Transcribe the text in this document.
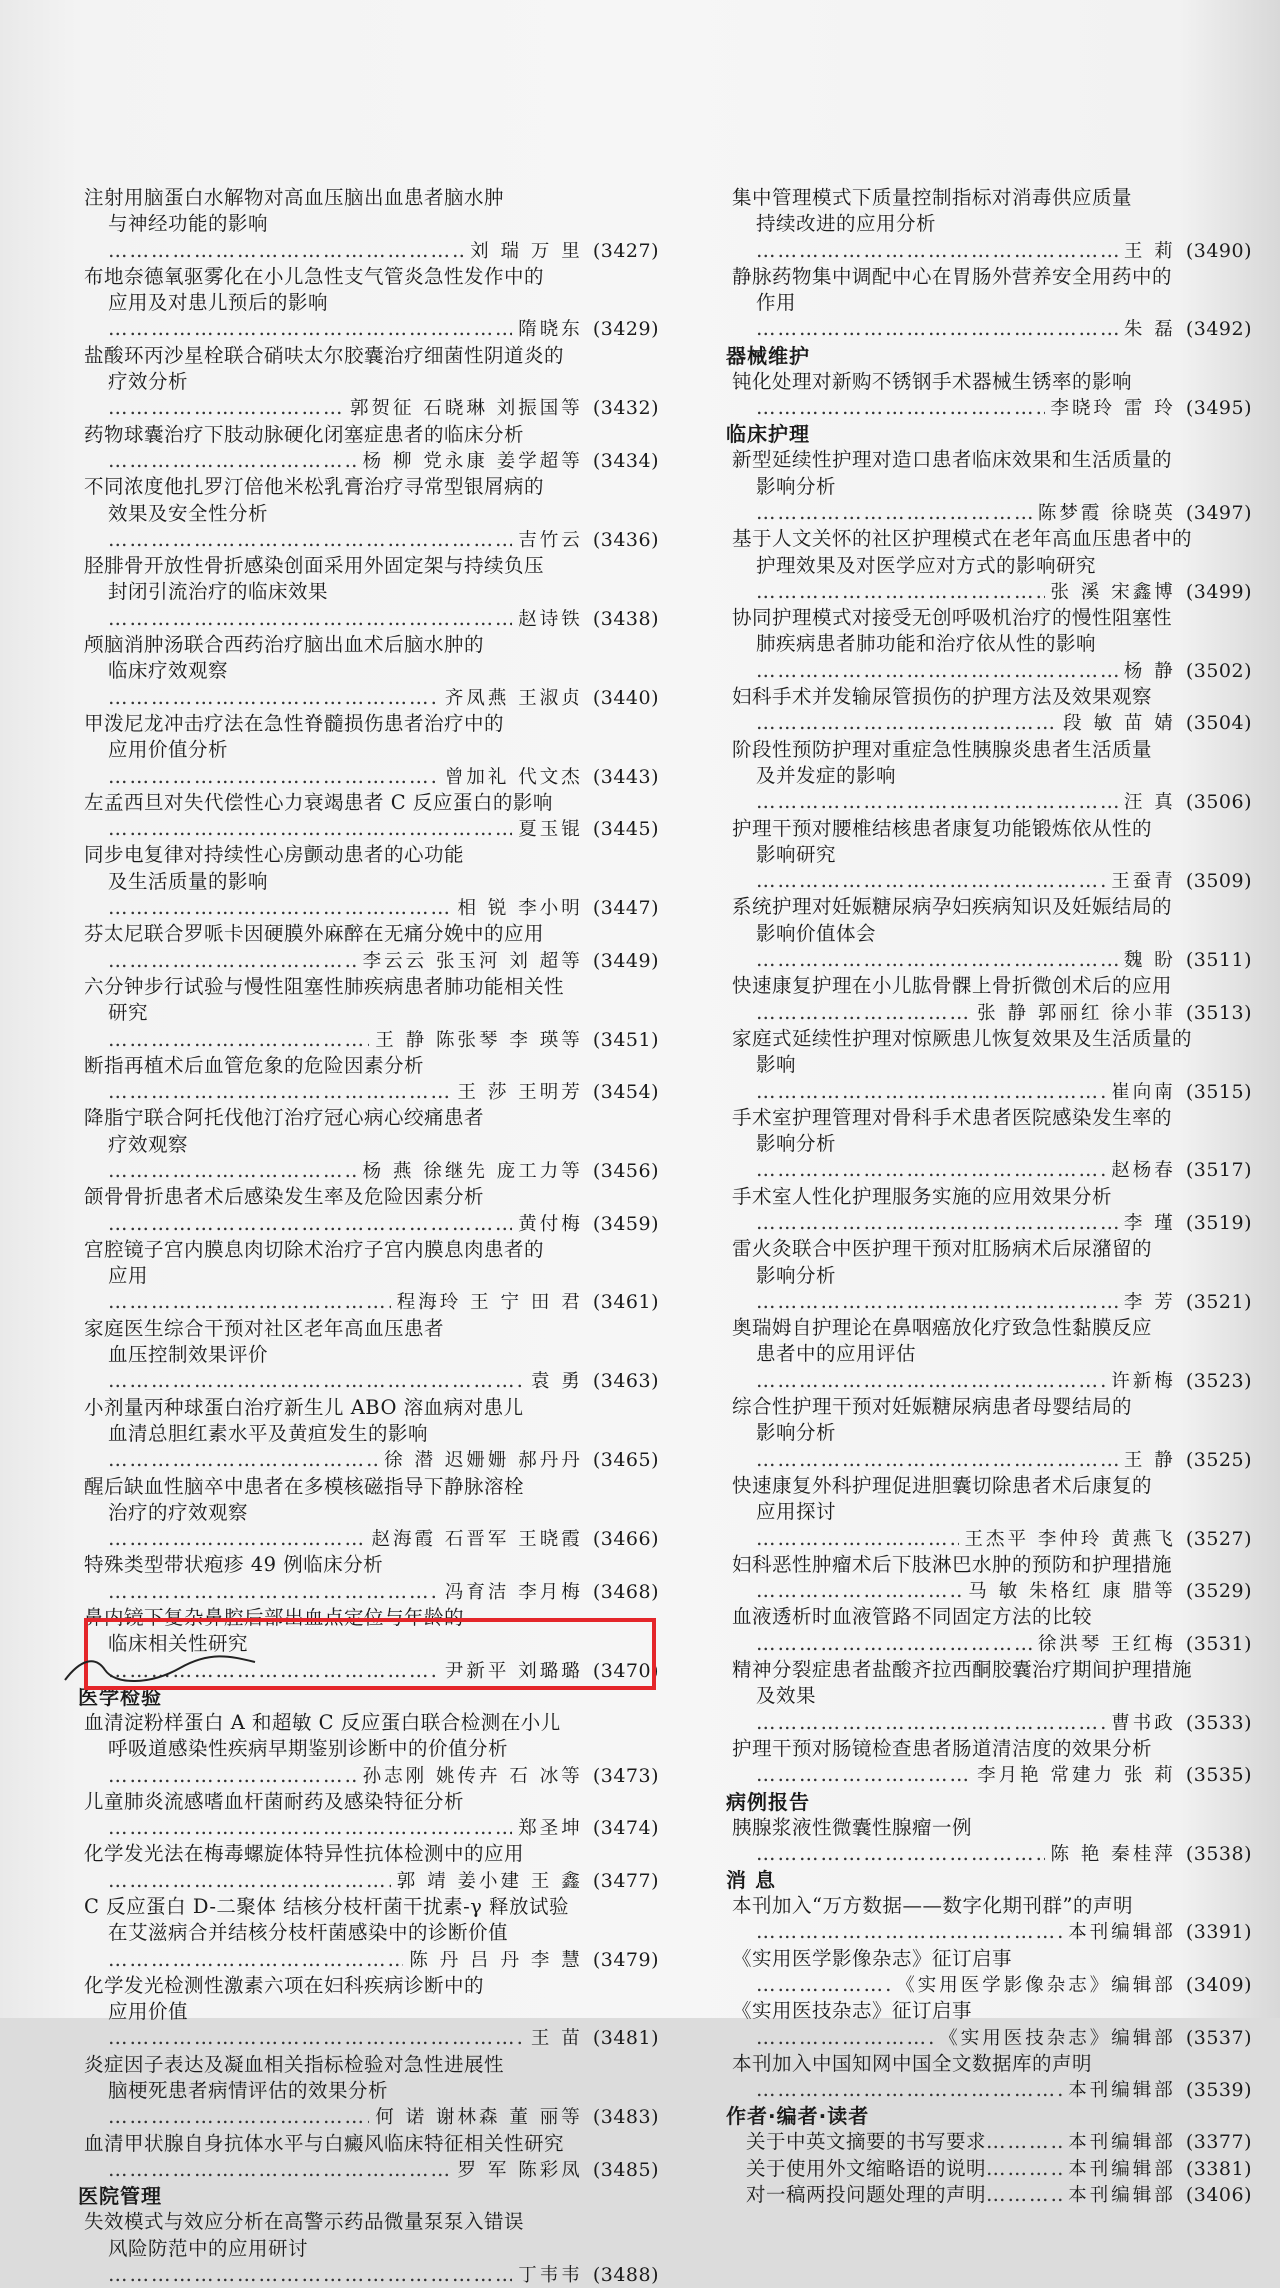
注射用脑蛋白水解物对高血压脑出血患者脑水肿
与神经功能的影响
……………………………………………………………………………………………………
刘 瑞 万 里 (3427)
布地奈德氧驱雾化在小儿急性支气管炎急性发作中的
应用及对患儿预后的影响
……………………………………………………………………………………………………
隋晓东 (3429)
盐酸环丙沙星栓联合硝呋太尔胶囊治疗细菌性阴道炎的
疗效分析
……………………………………………………………………………………………………
郭贺征 石晓琳 刘振国等 (3432)
药物球囊治疗下肢动脉硬化闭塞症患者的临床分析
……………………………………………………………………………………………………
杨 柳 党永康 姜学超等 (3434)
不同浓度他扎罗汀倍他米松乳膏治疗寻常型银屑病的
效果及安全性分析
……………………………………………………………………………………………………
吉竹云 (3436)
胫腓骨开放性骨折感染创面采用外固定架与持续负压
封闭引流治疗的临床效果
……………………………………………………………………………………………………
赵诗铁 (3438)
颅脑消肿汤联合西药治疗脑出血术后脑水肿的
临床疗效观察
……………………………………………………………………………………………………
齐凤燕 王淑贞 (3440)
甲泼尼龙冲击疗法在急性脊髓损伤患者治疗中的
应用价值分析
……………………………………………………………………………………………………
曾加礼 代文杰 (3443)
左孟西旦对失代偿性心力衰竭患者 C 反应蛋白的影响
……………………………………………………………………………………………………
夏玉锟 (3445)
同步电复律对持续性心房颤动患者的心功能
及生活质量的影响
……………………………………………………………………………………………………
相 锐 李小明 (3447)
芬太尼联合罗哌卡因硬膜外麻醉在无痛分娩中的应用
……………………………………………………………………………………………………
李云云 张玉河 刘 超等 (3449)
六分钟步行试验与慢性阻塞性肺疾病患者肺功能相关性
研究
……………………………………………………………………………………………………
王 静 陈张琴 李 瑛等 (3451)
断指再植术后血管危象的危险因素分析
……………………………………………………………………………………………………
王 莎 王明芳 (3454)
降脂宁联合阿托伐他汀治疗冠心病心绞痛患者
疗效观察
……………………………………………………………………………………………………
杨 燕 徐继先 庞工力等 (3456)
颌骨骨折患者术后感染发生率及危险因素分析
……………………………………………………………………………………………………
黄付梅 (3459)
宫腔镜子宫内膜息肉切除术治疗子宫内膜息肉患者的
应用
……………………………………………………………………………………………………
程海玲 王 宁 田 君 (3461)
家庭医生综合干预对社区老年高血压患者
血压控制效果评价
……………………………………………………………………………………………………
袁 勇 (3463)
小剂量丙种球蛋白治疗新生儿 ABO 溶血病对患儿
血清总胆红素水平及黄疸发生的影响
……………………………………………………………………………………………………
徐 潜 迟姗姗 郝丹丹 (3465)
醒后缺血性脑卒中患者在多模核磁指导下静脉溶栓
治疗的疗效观察
……………………………………………………………………………………………………
赵海霞 石晋军 王晓霞 (3466)
特殊类型带状疱疹 49 例临床分析
……………………………………………………………………………………………………
冯育洁 李月梅 (3468)
鼻内镜下复杂鼻腔后部出血点定位与年龄的
临床相关性研究
……………………………………………………………………………………………………
尹新平 刘璐璐 (3470)
医学检验
血清淀粉样蛋白 A 和超敏 C 反应蛋白联合检测在小儿
呼吸道感染性疾病早期鉴别诊断中的价值分析
……………………………………………………………………………………………………
孙志刚 姚传卉 石 冰等 (3473)
儿童肺炎流感嗜血杆菌耐药及感染特征分析
……………………………………………………………………………………………………
郑圣坤 (3474)
化学发光法在梅毒螺旋体特异性抗体检测中的应用
……………………………………………………………………………………………………
郭 靖 姜小建 王 鑫 (3477)
C 反应蛋白 D-二聚体 结核分枝杆菌干扰素-γ 释放试验
在艾滋病合并结核分枝杆菌感染中的诊断价值
……………………………………………………………………………………………………
陈 丹 吕 丹 李 慧 (3479)
化学发光检测性激素六项在妇科疾病诊断中的
应用价值
……………………………………………………………………………………………………
王 苗 (3481)
炎症因子表达及凝血相关指标检验对急性进展性
脑梗死患者病情评估的效果分析
……………………………………………………………………………………………………
何 诺 谢林森 董 丽等 (3483)
血清甲状腺自身抗体水平与白癜风临床特征相关性研究
……………………………………………………………………………………………………
罗 军 陈彩凤 (3485)
医院管理
失效模式与效应分析在高警示药品微量泵泵入错误
风险防范中的应用研讨
……………………………………………………………………………………………………
丁韦韦 (3488)
集中管理模式下质量控制指标对消毒供应质量
持续改进的应用分析
……………………………………………………………………………………………………
王 莉 (3490)
静脉药物集中调配中心在胃肠外营养安全用药中的
作用
……………………………………………………………………………………………………
朱 磊 (3492)
器械维护
钝化处理对新购不锈钢手术器械生锈率的影响
……………………………………………………………………………………………………
李晓玲 雷 玲 (3495)
临床护理
新型延续性护理对造口患者临床效果和生活质量的
影响分析
……………………………………………………………………………………………………
陈梦霞 徐晓英 (3497)
基于人文关怀的社区护理模式在老年高血压患者中的
护理效果及对医学应对方式的影响研究
……………………………………………………………………………………………………
张 溪 宋鑫博 (3499)
协同护理模式对接受无创呼吸机治疗的慢性阻塞性
肺疾病患者肺功能和治疗依从性的影响
……………………………………………………………………………………………………
杨 静 (3502)
妇科手术并发输尿管损伤的护理方法及效果观察
……………………………………………………………………………………………………
段 敏 苗 婧 (3504)
阶段性预防护理对重症急性胰腺炎患者生活质量
及并发症的影响
……………………………………………………………………………………………………
汪 真 (3506)
护理干预对腰椎结核患者康复功能锻炼依从性的
影响研究
……………………………………………………………………………………………………
王蚕青 (3509)
系统护理对妊娠糖尿病孕妇疾病知识及妊娠结局的
影响价值体会
……………………………………………………………………………………………………
魏 盼 (3511)
快速康复护理在小儿肱骨髁上骨折微创术后的应用
……………………………………………………………………………………………………
张 静 郭丽红 徐小菲 (3513)
家庭式延续性护理对惊厥患儿恢复效果及生活质量的
影响
……………………………………………………………………………………………………
崔向南 (3515)
手术室护理管理对骨科手术患者医院感染发生率的
影响分析
……………………………………………………………………………………………………
赵杨春 (3517)
手术室人性化护理服务实施的应用效果分析
……………………………………………………………………………………………………
李 瑾 (3519)
雷火灸联合中医护理干预对肛肠病术后尿潴留的
影响分析
……………………………………………………………………………………………………
李 芳 (3521)
奥瑞姆自护理论在鼻咽癌放化疗致急性黏膜反应
患者中的应用评估
……………………………………………………………………………………………………
许新梅 (3523)
综合性护理干预对妊娠糖尿病患者母婴结局的
影响分析
……………………………………………………………………………………………………
王 静 (3525)
快速康复外科护理促进胆囊切除患者术后康复的
应用探讨
……………………………………………………………………………………………………
王杰平 李仲玲 黄燕飞 (3527)
妇科恶性肿瘤术后下肢淋巴水肿的预防和护理措施
……………………………………………………………………………………………………
马 敏 朱格红 康 腊等 (3529)
血液透析时血液管路不同固定方法的比较
……………………………………………………………………………………………………
徐洪琴 王红梅 (3531)
精神分裂症患者盐酸齐拉西酮胶囊治疗期间护理措施
及效果
……………………………………………………………………………………………………
曹书政 (3533)
护理干预对肠镜检查患者肠道清洁度的效果分析
……………………………………………………………………………………………………
李月艳 常建力 张 莉 (3535)
病例报告
胰腺浆液性微囊性腺瘤一例
……………………………………………………………………………………………………
陈 艳 秦桂萍 (3538)
消 息
本刊加入“万方数据——数字化期刊群”的声明
……………………………………………………………………………………………………
本刊编辑部 (3391)
《实用医学影像杂志》征订启事
……………………………………………………………………………………………………
《实用医学影像杂志》编辑部 (3409)
《实用医技杂志》征订启事
……………………………………………………………………………………………………
《实用医技杂志》编辑部 (3537)
本刊加入中国知网中国全文数据库的声明
……………………………………………………………………………………………………
本刊编辑部 (3539)
作者·编者·读者
关于中英文摘要的书写要求 ……………………………………………………………………………………………………	本刊编辑部 (3377)
关于使用外文缩略语的说明 ……………………………………………………………………………………………………	本刊编辑部 (3381)
对一稿两投问题处理的声明 ……………………………………………………………………………………………………	本刊编辑部 (3406)
